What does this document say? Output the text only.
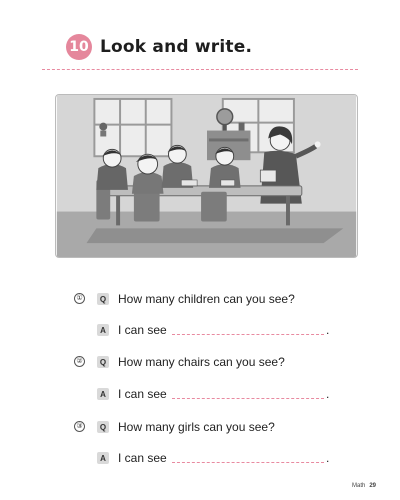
10 Look and write.
①	Q How many children can you see?
A I can see	.
②	Q How many chairs can you see?
A I can see	.
③	Q How many girls can you see?
A I can see	.
Math 29
